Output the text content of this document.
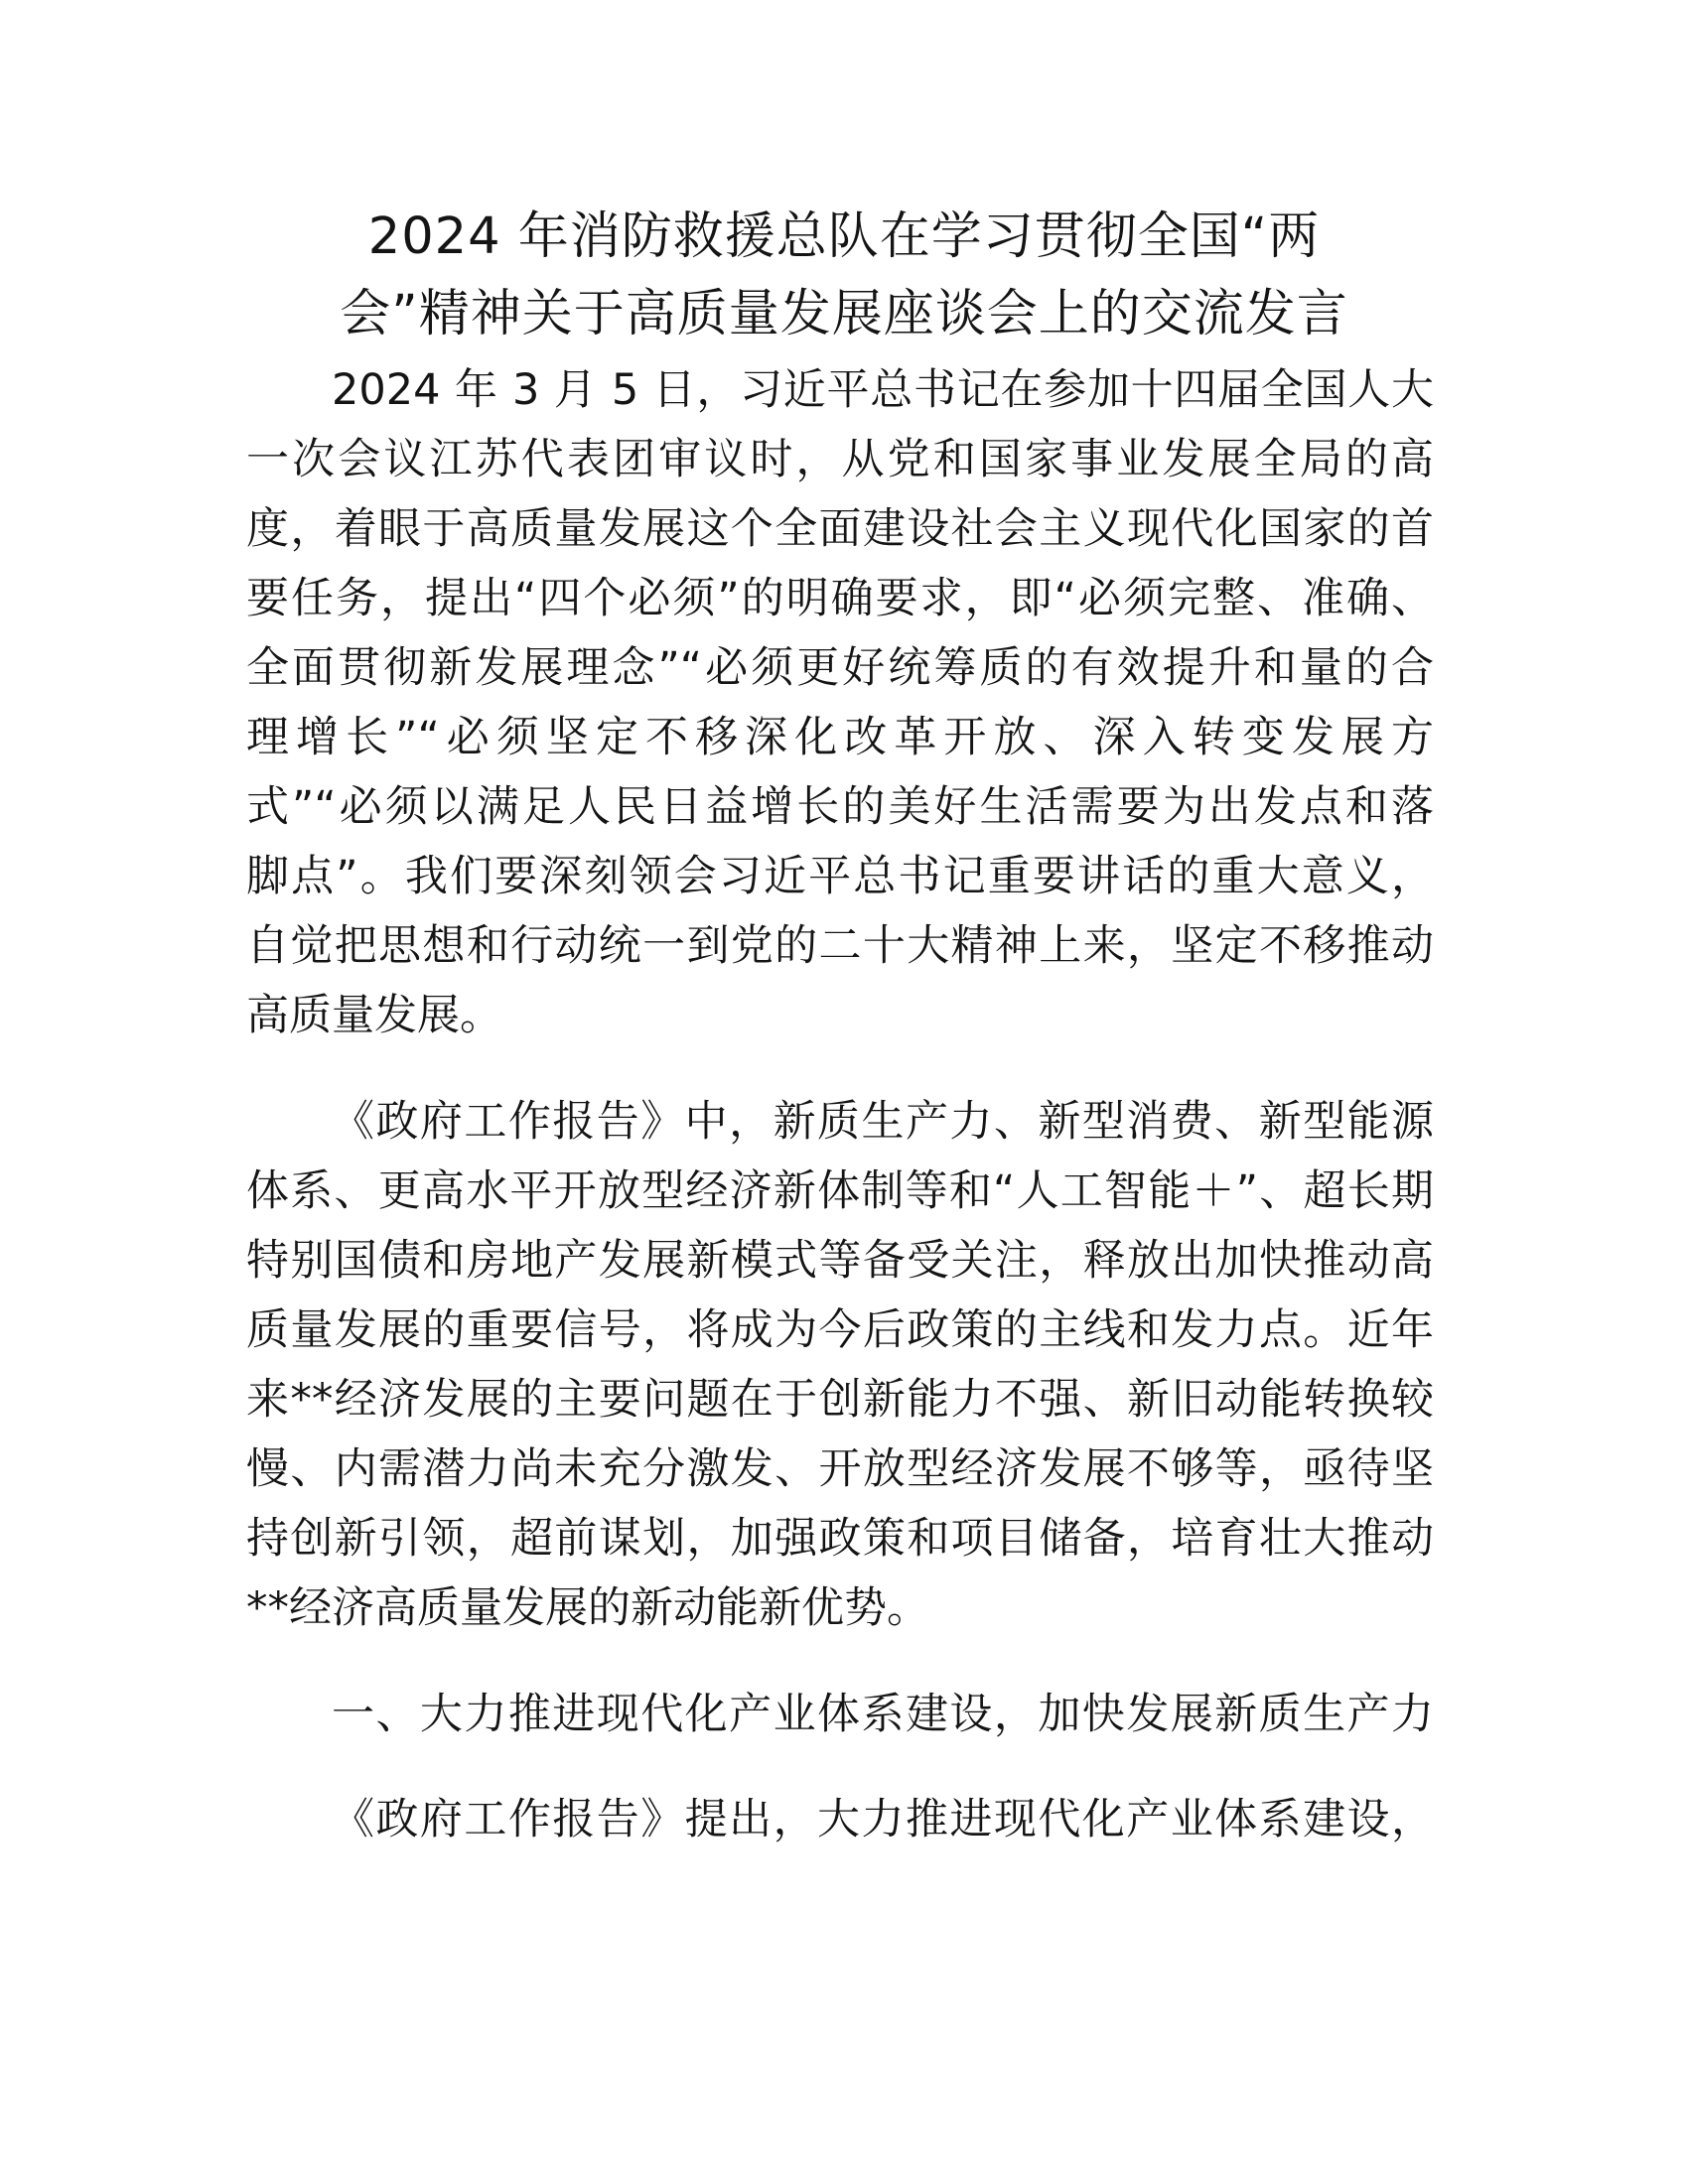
2024 年消防救援总队在学习贯彻全国“两
会”精神关于高质量发展座谈会上的交流发言

2024 年 3 月 5 日，习近平总书记在参加十四届全国人大

一次会议江苏代表团审议时，从党和国家事业发展全局的高

度，着眼于高质量发展这个全面建设社会主义现代化国家的首

要任务，提出“四个必须”的明确要求，即“必须完整、准确、

全面贯彻新发展理念”“必须更好统筹质的有效提升和量的合

理增长”“必须坚定不移深化改革开放、深入转变发展方

式”“必须以满足人民日益增长的美好生活需要为出发点和落

脚点”。我们要深刻领会习近平总书记重要讲话的重大意义，

自觉把思想和行动统一到党的二十大精神上来，坚定不移推动

高质量发展。

《政府工作报告》中，新质生产力、新型消费、新型能源

体系、更高水平开放型经济新体制等和“人工智能＋”、超长期

特别国债和房地产发展新模式等备受关注，释放出加快推动高

质量发展的重要信号，将成为今后政策的主线和发力点。近年

来**经济发展的主要问题在于创新能力不强、新旧动能转换较

慢、内需潜力尚未充分激发、开放型经济发展不够等，亟待坚

持创新引领，超前谋划，加强政策和项目储备，培育壮大推动

**经济高质量发展的新动能新优势。

一、大力推进现代化产业体系建设，加快发展新质生产力

《政府工作报告》提出，大力推进现代化产业体系建设，
